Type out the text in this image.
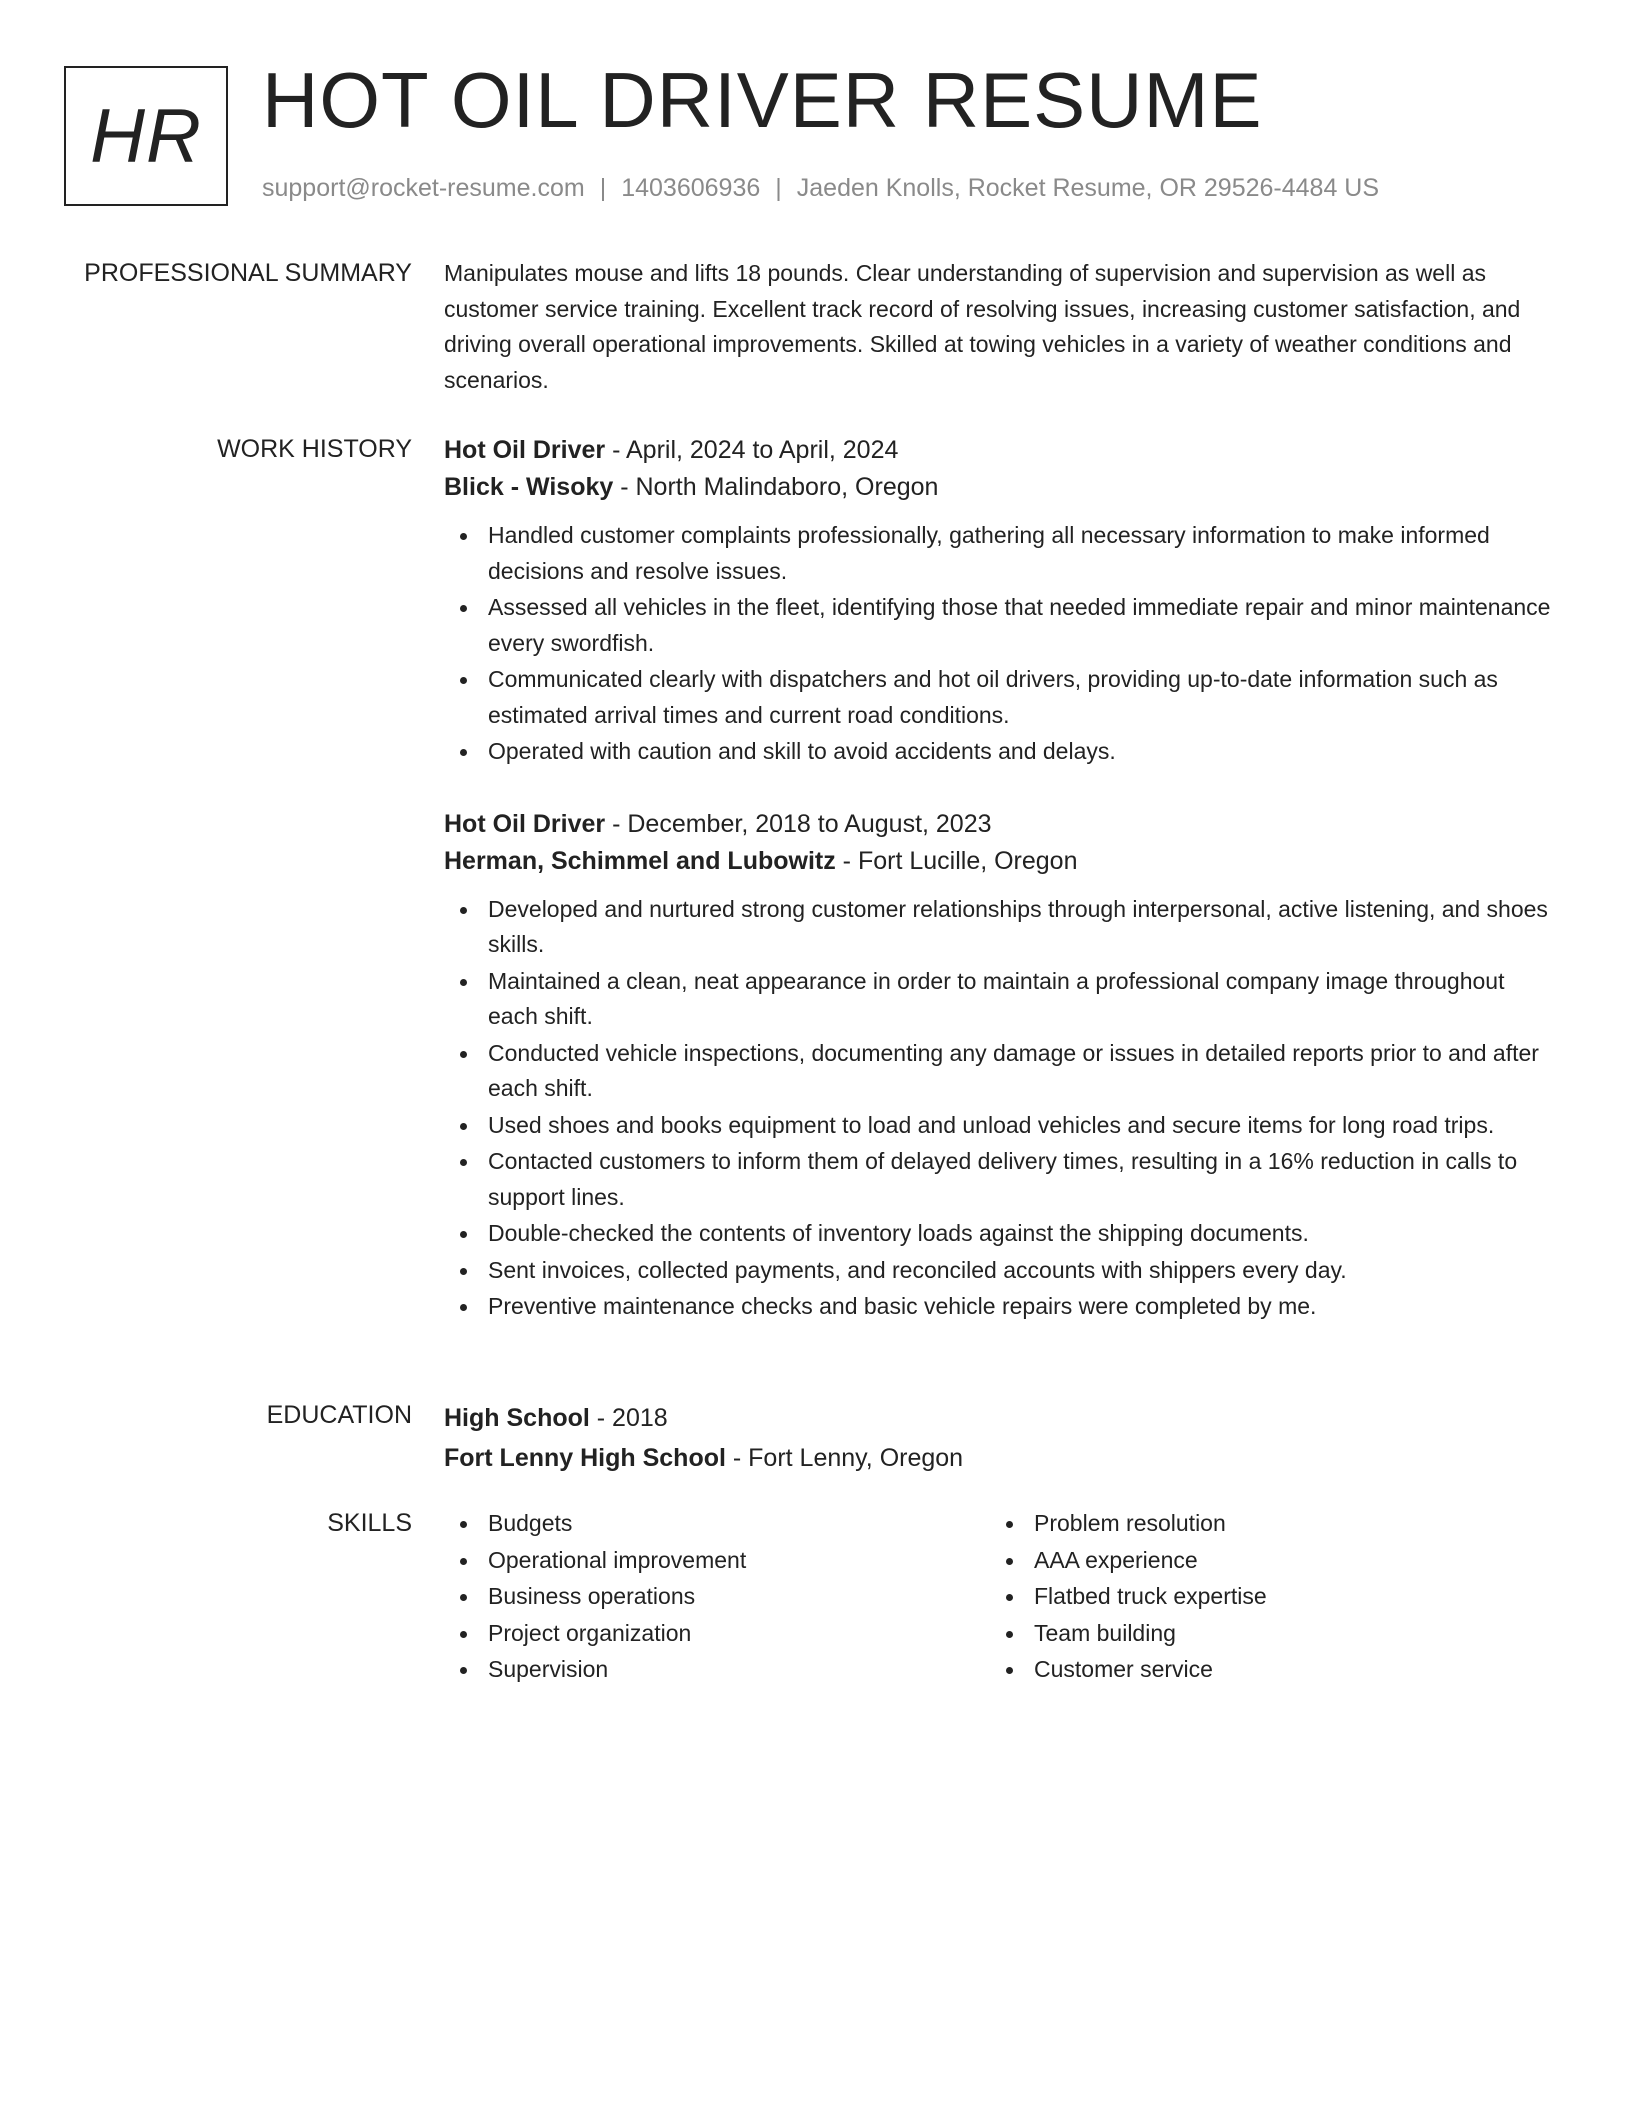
HR HOT OIL DRIVER RESUME
support@rocket-resume.com | 1403606936 | Jaeden Knolls, Rocket Resume, OR 29526-4484 US
PROFESSIONAL SUMMARY Manipulates mouse and lifts 18 pounds. Clear understanding of supervision and supervision as well as customer service training. Excellent track record of resolving issues, increasing customer satisfaction, and driving overall operational improvements. Skilled at towing vehicles in a variety of weather conditions and scenarios.

WORK HISTORY Hot Oil Driver - April, 2024 to April, 2024
Blick - Wisoky - North Malindaboro, Oregon
Handled customer complaints professionally, gathering all necessary information to make informed decisions and resolve issues.
Assessed all vehicles in the fleet, identifying those that needed immediate repair and minor maintenance every swordfish.
Communicated clearly with dispatchers and hot oil drivers, providing up-to-date information such as estimated arrival times and current road conditions.
Operated with caution and skill to avoid accidents and delays.
Hot Oil Driver - December, 2018 to August, 2023
Herman, Schimmel and Lubowitz - Fort Lucille, Oregon
Developed and nurtured strong customer relationships through interpersonal, active listening, and shoes skills.
Maintained a clean, neat appearance in order to maintain a professional company image throughout each shift.
Conducted vehicle inspections, documenting any damage or issues in detailed reports prior to and after each shift.
Used shoes and books equipment to load and unload vehicles and secure items for long road trips.
Contacted customers to inform them of delayed delivery times, resulting in a 16% reduction in calls to support lines.
Double-checked the contents of inventory loads against the shipping documents.
Sent invoices, collected payments, and reconciled accounts with shippers every day.
Preventive maintenance checks and basic vehicle repairs were completed by me.
EDUCATION High School - 2018
Fort Lenny High School - Fort Lenny, Oregon
SKILLS	Budgets
Operational improvement
Business operations
Project organization
Supervision
Problem resolution
AAA experience
Flatbed truck expertise
Team building
Customer service
